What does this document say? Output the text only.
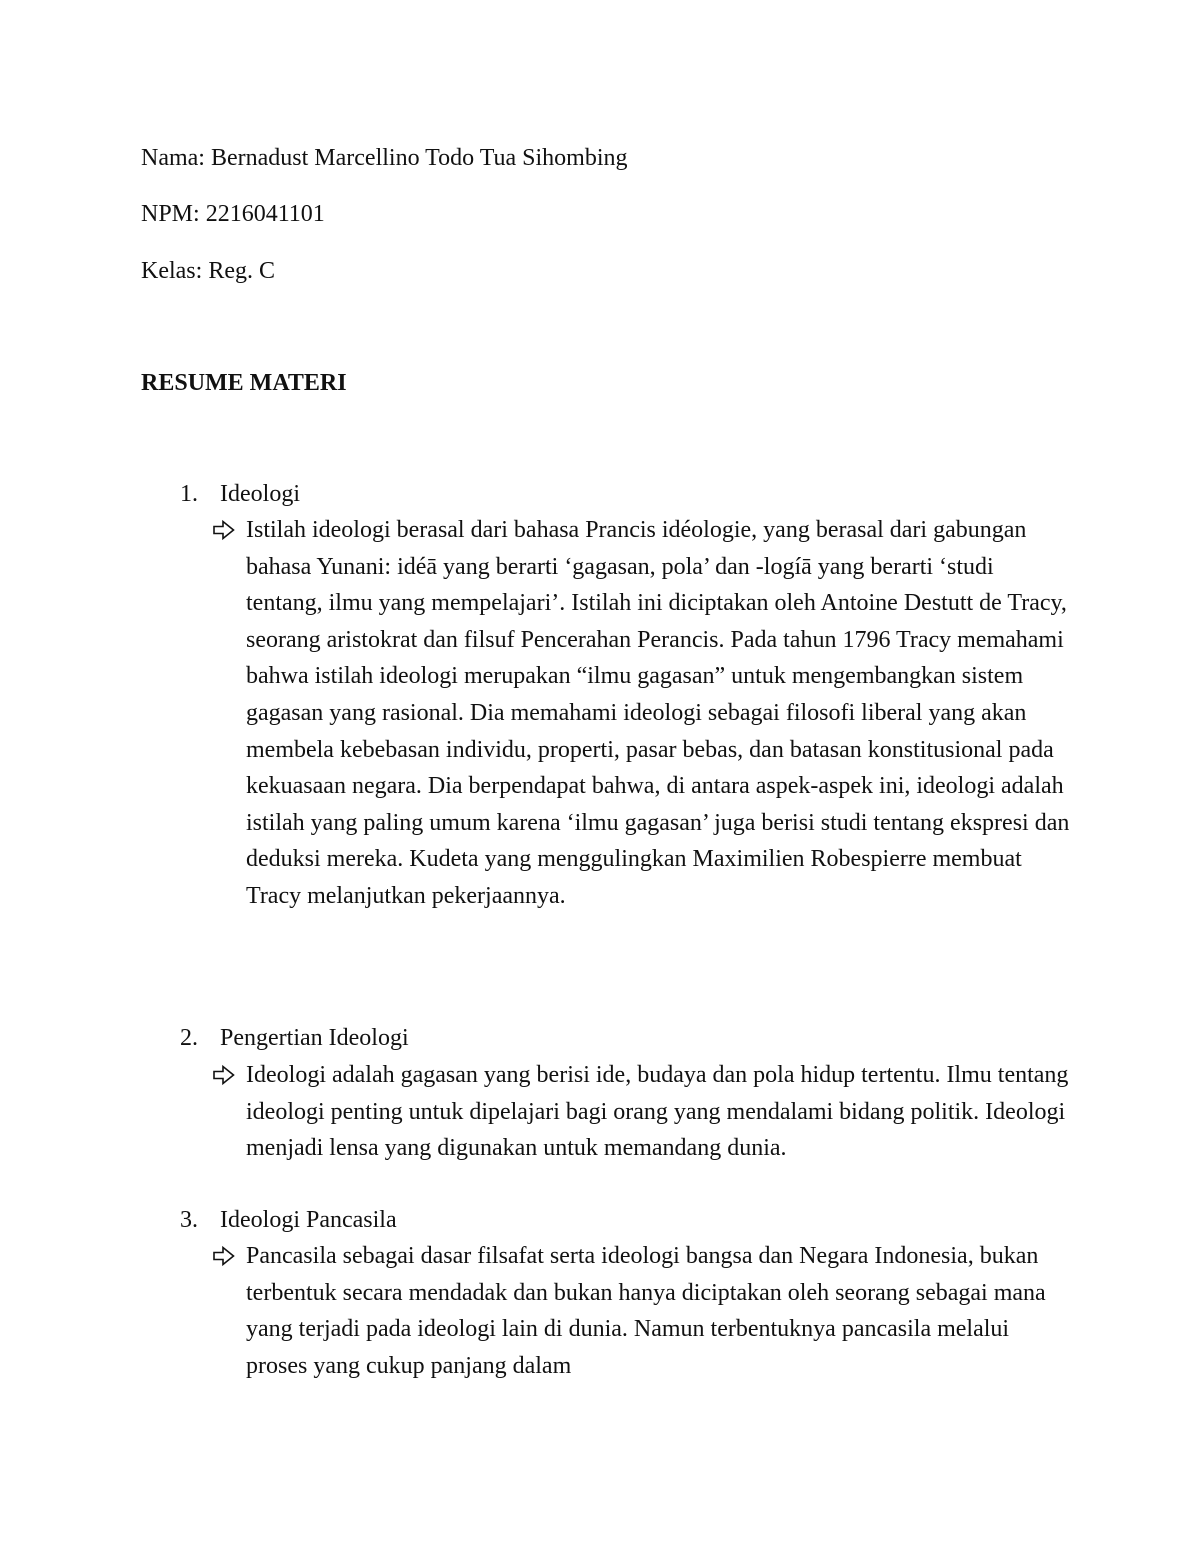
Nama: Bernadust Marcellino Todo Tua Sihombing
NPM: 2216041101
Kelas: Reg. C
RESUME MATERI
1. Ideologi
Istilah ideologi berasal dari bahasa Prancis idéologie, yang berasal dari gabungan bahasa Yunani: idéā yang berarti ‘gagasan, pola’ dan -logíā yang berarti ‘studi tentang, ilmu yang mempelajari’. Istilah ini diciptakan oleh Antoine Destutt de Tracy, seorang aristokrat dan filsuf Pencerahan Perancis. Pada tahun 1796 Tracy memahami bahwa istilah ideologi merupakan “ilmu gagasan” untuk mengembangkan sistem gagasan yang rasional. Dia memahami ideologi sebagai filosofi liberal yang akan membela kebebasan individu, properti, pasar bebas, dan batasan konstitusional pada kekuasaan negara. Dia berpendapat bahwa, di antara aspek-aspek ini, ideologi adalah istilah yang paling umum karena ‘ilmu gagasan’ juga berisi studi tentang ekspresi dan deduksi mereka. Kudeta yang menggulingkan Maximilien Robespierre membuat Tracy melanjutkan pekerjaannya.
2. Pengertian Ideologi
Ideologi adalah gagasan yang berisi ide, budaya dan pola hidup tertentu. Ilmu tentang ideologi penting untuk dipelajari bagi orang yang mendalami bidang politik. Ideologi menjadi lensa yang digunakan untuk memandang dunia.
3. Ideologi Pancasila
Pancasila sebagai dasar filsafat serta ideologi bangsa dan Negara Indonesia, bukan terbentuk secara mendadak dan bukan hanya diciptakan oleh seorang sebagai mana yang terjadi pada ideologi lain di dunia. Namun terbentuknya pancasila melalui proses yang cukup panjang dalam
